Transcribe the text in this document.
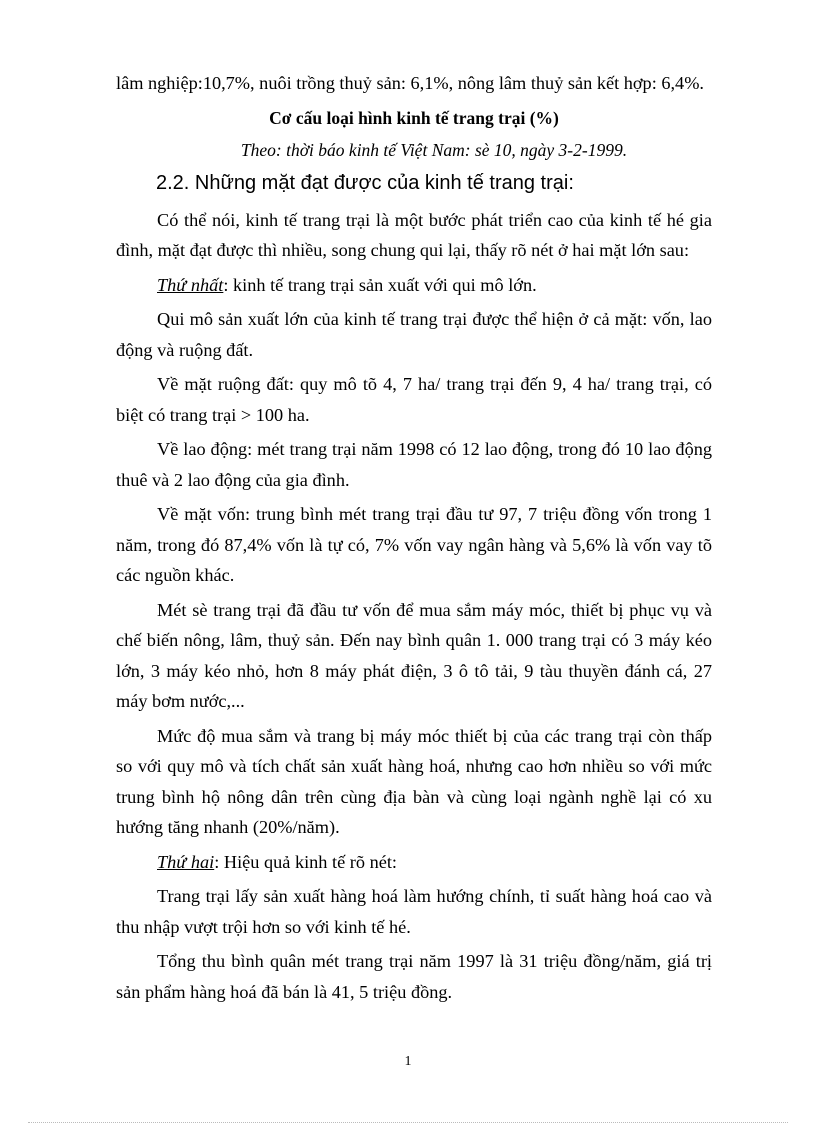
lâm nghiệp:10,7%, nuôi trồng thuỷ sản: 6,1%, nông lâm thuỷ sản kết hợp: 6,4%.

Cơ cấu loại hình kinh tế trang trại (%)

Theo: thời báo kinh tế Việt Nam: sè 10, ngày 3-2-1999.

2.2. Những mặt đạt được của kinh tế trang trại:

Có thể nói, kinh tế trang trại là một bước phát triển cao của kinh tế hé gia đình, mặt đạt được thì nhiều, song chung qui lại, thấy rõ nét ở hai mặt lớn sau:

Thứ nhất: kinh tế trang trại sản xuất với qui mô lớn.

Qui mô sản xuất lớn của kinh tế trang trại được thể hiện ở cả mặt: vốn, lao động và ruộng đất.

Về mặt ruộng đất: quy mô tõ 4, 7 ha/ trang trại đến 9, 4 ha/ trang trại, có biệt có trang trại > 100 ha.

Về lao động: mét trang trại năm 1998 có 12 lao động, trong đó 10 lao động thuê và 2 lao động của gia đình.

Về mặt vốn: trung bình mét trang trại đầu tư 97, 7 triệu đồng vốn trong 1 năm, trong đó 87,4% vốn là tự có, 7% vốn vay ngân hàng và 5,6% là vốn vay tõ các nguồn khác.

Mét sè trang trại đã đầu tư vốn để mua sắm máy móc, thiết bị phục vụ và chế biến nông, lâm, thuỷ sản. Đến nay bình quân 1. 000 trang trại có 3 máy kéo lớn, 3 máy kéo nhỏ, hơn 8 máy phát điện, 3 ô tô tải, 9 tàu thuyền đánh cá, 27 máy bơm nước,...

Mức độ mua sắm và trang bị máy móc thiết bị của các trang trại còn thấp so với quy mô và tích chất sản xuất hàng hoá, nhưng cao hơn nhiều so với mức trung bình hộ nông dân trên cùng địa bàn và cùng loại ngành nghề lại có xu hướng tăng nhanh (20%/năm).

Thứ hai: Hiệu quả kinh tế rõ nét:

Trang trại lấy sản xuất hàng hoá làm hướng chính, tỉ suất hàng hoá cao và thu nhập vượt trội hơn so với kinh tế hé.

Tổng thu bình quân mét trang trại năm 1997 là 31 triệu đồng/năm, giá trị sản phẩm hàng hoá đã bán là 41, 5 triệu đồng.

1
